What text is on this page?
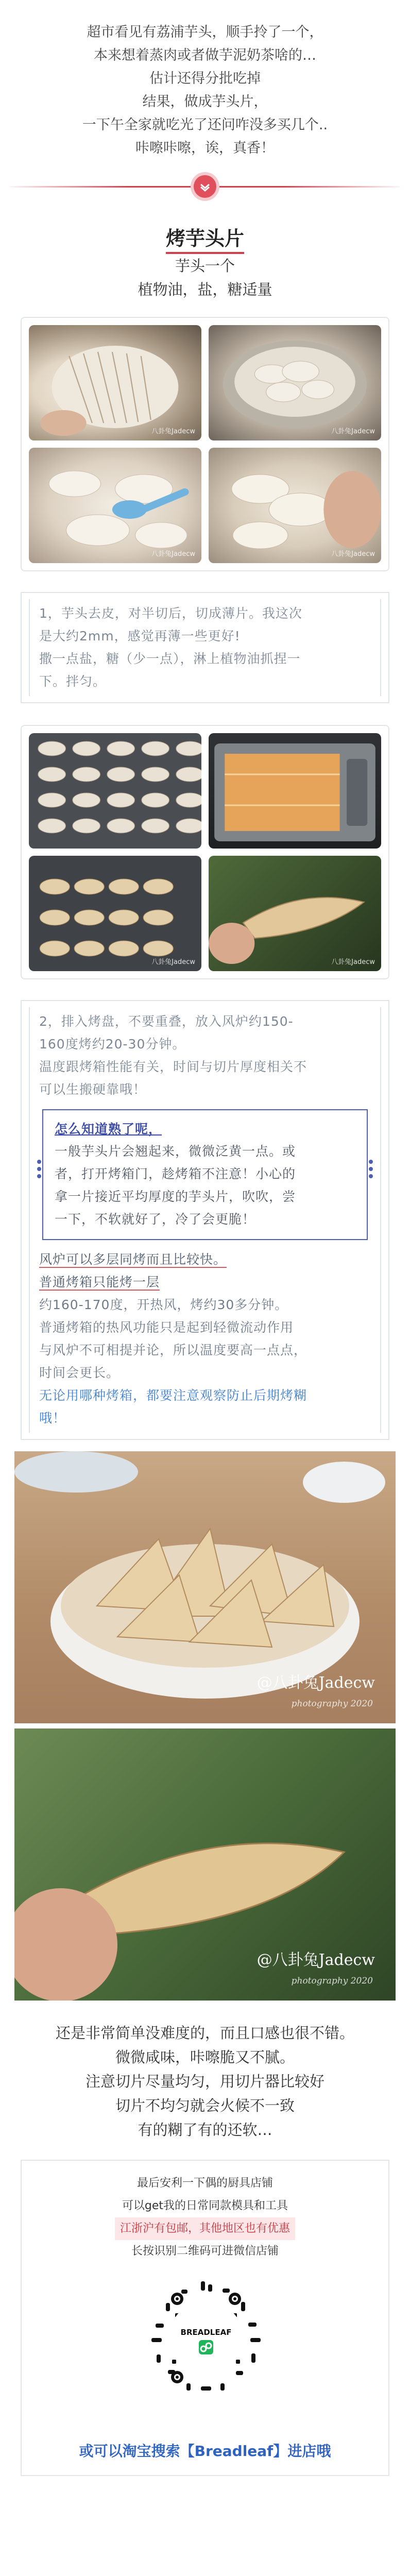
超市看见有荔浦芋头，顺手拎了一个，
本来想着蒸肉或者做芋泥奶茶啥的…
估计还得分批吃掉
结果，做成芋头片，
一下午全家就吃光了还问咋没多买几个..
咔嚓咔嚓，诶，真香！
烤芋头片
芋头一个
植物油，盐，糖适量
八卦兔Jadecw	八卦兔Jadecw
八卦兔Jadecw	八卦兔Jadecw

1，芋头去皮，对半切后，切成薄片。我这次

是大约2mm，感觉再薄一些更好!

撒一点盐，糖（少一点），淋上植物油抓捏一

下。拌匀。

八卦兔Jadecw	八卦兔Jadecw

2，排入烤盘，不要重叠，放入风炉约150-

160度烤约20-30分钟。

温度跟烤箱性能有关，时间与切片厚度相关不

可以生搬硬靠哦！

怎么知道熟了呢，
一般芋头片会翘起来，微微泛黄一点。或
者，打开烤箱门，趁烤箱不注意！小心的
拿一片接近平均厚度的芋头片，吹吹，尝
一下，不软就好了，冷了会更脆！

风炉可以多层同烤而且比较快。

普通烤箱只能烤一层

约160-170度，开热风，烤约30多分钟。

普通烤箱的热风功能只是起到轻微流动作用

与风炉不可相提并论，所以温度要高一点点，

时间会更长。

无论用哪种烤箱，都要注意观察防止后期烤糊

哦！

@八卦兔Jadecw
photography 2020
@八卦兔Jadecw
photography 2020
还是非常简单没难度的，而且口感也很不错。
微微咸味，咔嚓脆又不腻。
注意切片尽量均匀，用切片器比较好
切片不均匀就会火候不一致
有的糊了有的还软…
最后安利一下偶的厨具店铺
可以get我的日常同款模具和工具
江浙沪有包邮，其他地区也有优惠
长按识别二维码可进微信店铺
BREADLEAF
或可以淘宝搜索【Breadleaf】进店哦
